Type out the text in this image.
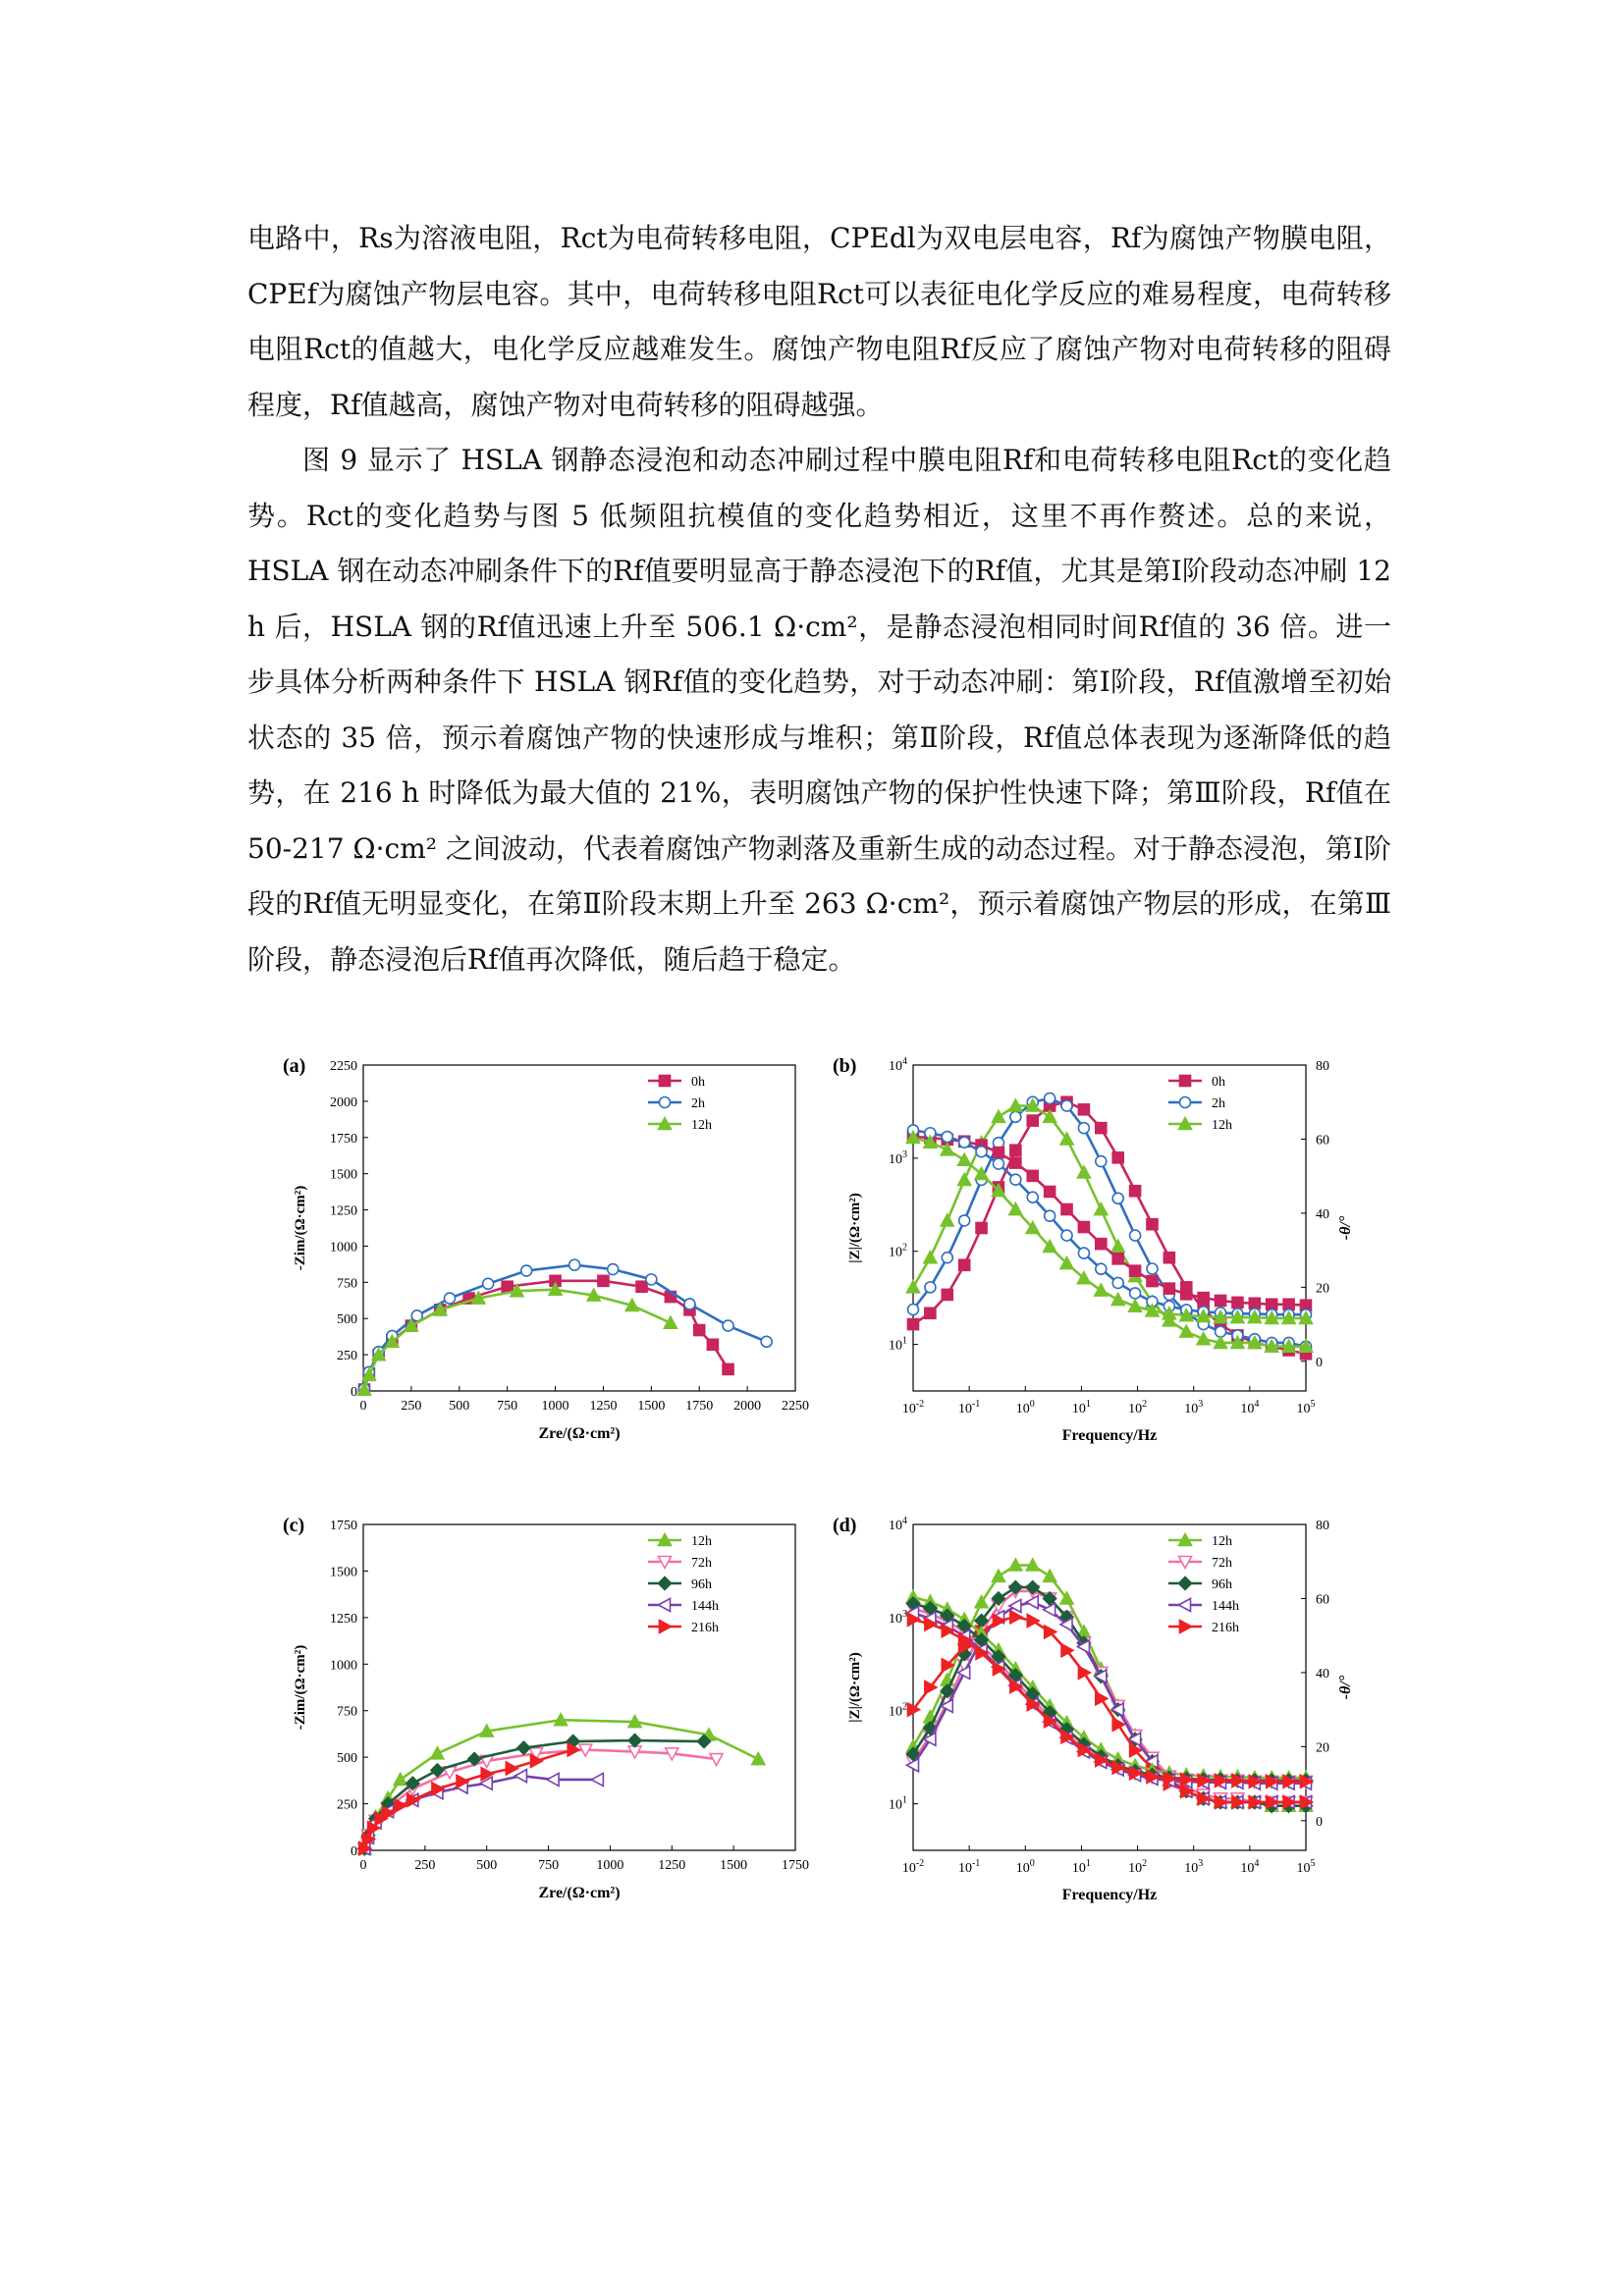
电路中，Rs为溶液电阻，Rct为电荷转移电阻，CPEdl为双电层电容，Rf为腐蚀产物膜电阻，CPEf为腐蚀产物层电容。其中，电荷转移电阻Rct可以表征电化学反应的难易程度，电荷转移电阻Rct的值越大，电化学反应越难发生。腐蚀产物电阻Rf反应了腐蚀产物对电荷转移的阻碍程度，Rf值越高，腐蚀产物对电荷转移的阻碍越强。

图 9 显示了 HSLA 钢静态浸泡和动态冲刷过程中膜电阻Rf和电荷转移电阻Rct的变化趋势。Rct的变化趋势与图 5 低频阻抗模值的变化趋势相近，这里不再作赘述。总的来说，HSLA 钢在动态冲刷条件下的Rf值要明显高于静态浸泡下的Rf值，尤其是第Ⅰ阶段动态冲刷 12 h 后，HSLA 钢的Rf值迅速上升至 506.1 Ω·cm²，是静态浸泡相同时间Rf值的 36 倍。进一步具体分析两种条件下 HSLA 钢Rf值的变化趋势，对于动态冲刷：第Ⅰ阶段，Rf值激增至初始状态的 35 倍，预示着腐蚀产物的快速形成与堆积；第Ⅱ阶段，Rf值总体表现为逐渐降低的趋势，在 216 h 时降低为最大值的 21%，表明腐蚀产物的保护性快速下降；第Ⅲ阶段，Rf值在 50-217 Ω·cm² 之间波动，代表着腐蚀产物剥落及重新生成的动态过程。对于静态浸泡，第Ⅰ阶段的Rf值无明显变化，在第Ⅱ阶段末期上升至 263 Ω·cm²，预示着腐蚀产物层的形成，在第Ⅲ阶段，静态浸泡后Rf值再次降低，随后趋于稳定。

(a)
0 250 500 750 1000 1250 1500 1750 2000 2250
0
250
500
750
1000
1250
1500
1750
2000
2250
Zre/(Ω·cm²)
-Zim/(Ω·cm²)
0h
2h
12h
(b)
$10^{-2}$ $10^{-1}$	$10^0$	$10^1$	$10^2$	$10^3$	$10^4$	$10^5$
$10^1$
$10^2$
$10^3$
$10^4$
0
20
40
60
80
Frequency/Hz
|Z|/(Ω·cm²)	-θ/°
0h
2h
12h
(c)
0	250	500	750	1000 1250 1500 1750
0
250
500
750
1000
1250
1500
1750
Zre/(Ω·cm²)
-Zim/(Ω·cm²)
12h
72h
96h
144h
216h
(d)
$10^{-2}$ $10^{-1}$	$10^0$	$10^1$	$10^2$	$10^3$	$10^4$	$10^5$
$10^1$
$10^2$
$10^3$
$10^4$
0
20
40
60
80
Frequency/Hz
|Z|/(Ω·cm²)	-θ/°
12h
72h
96h
144h
216h
